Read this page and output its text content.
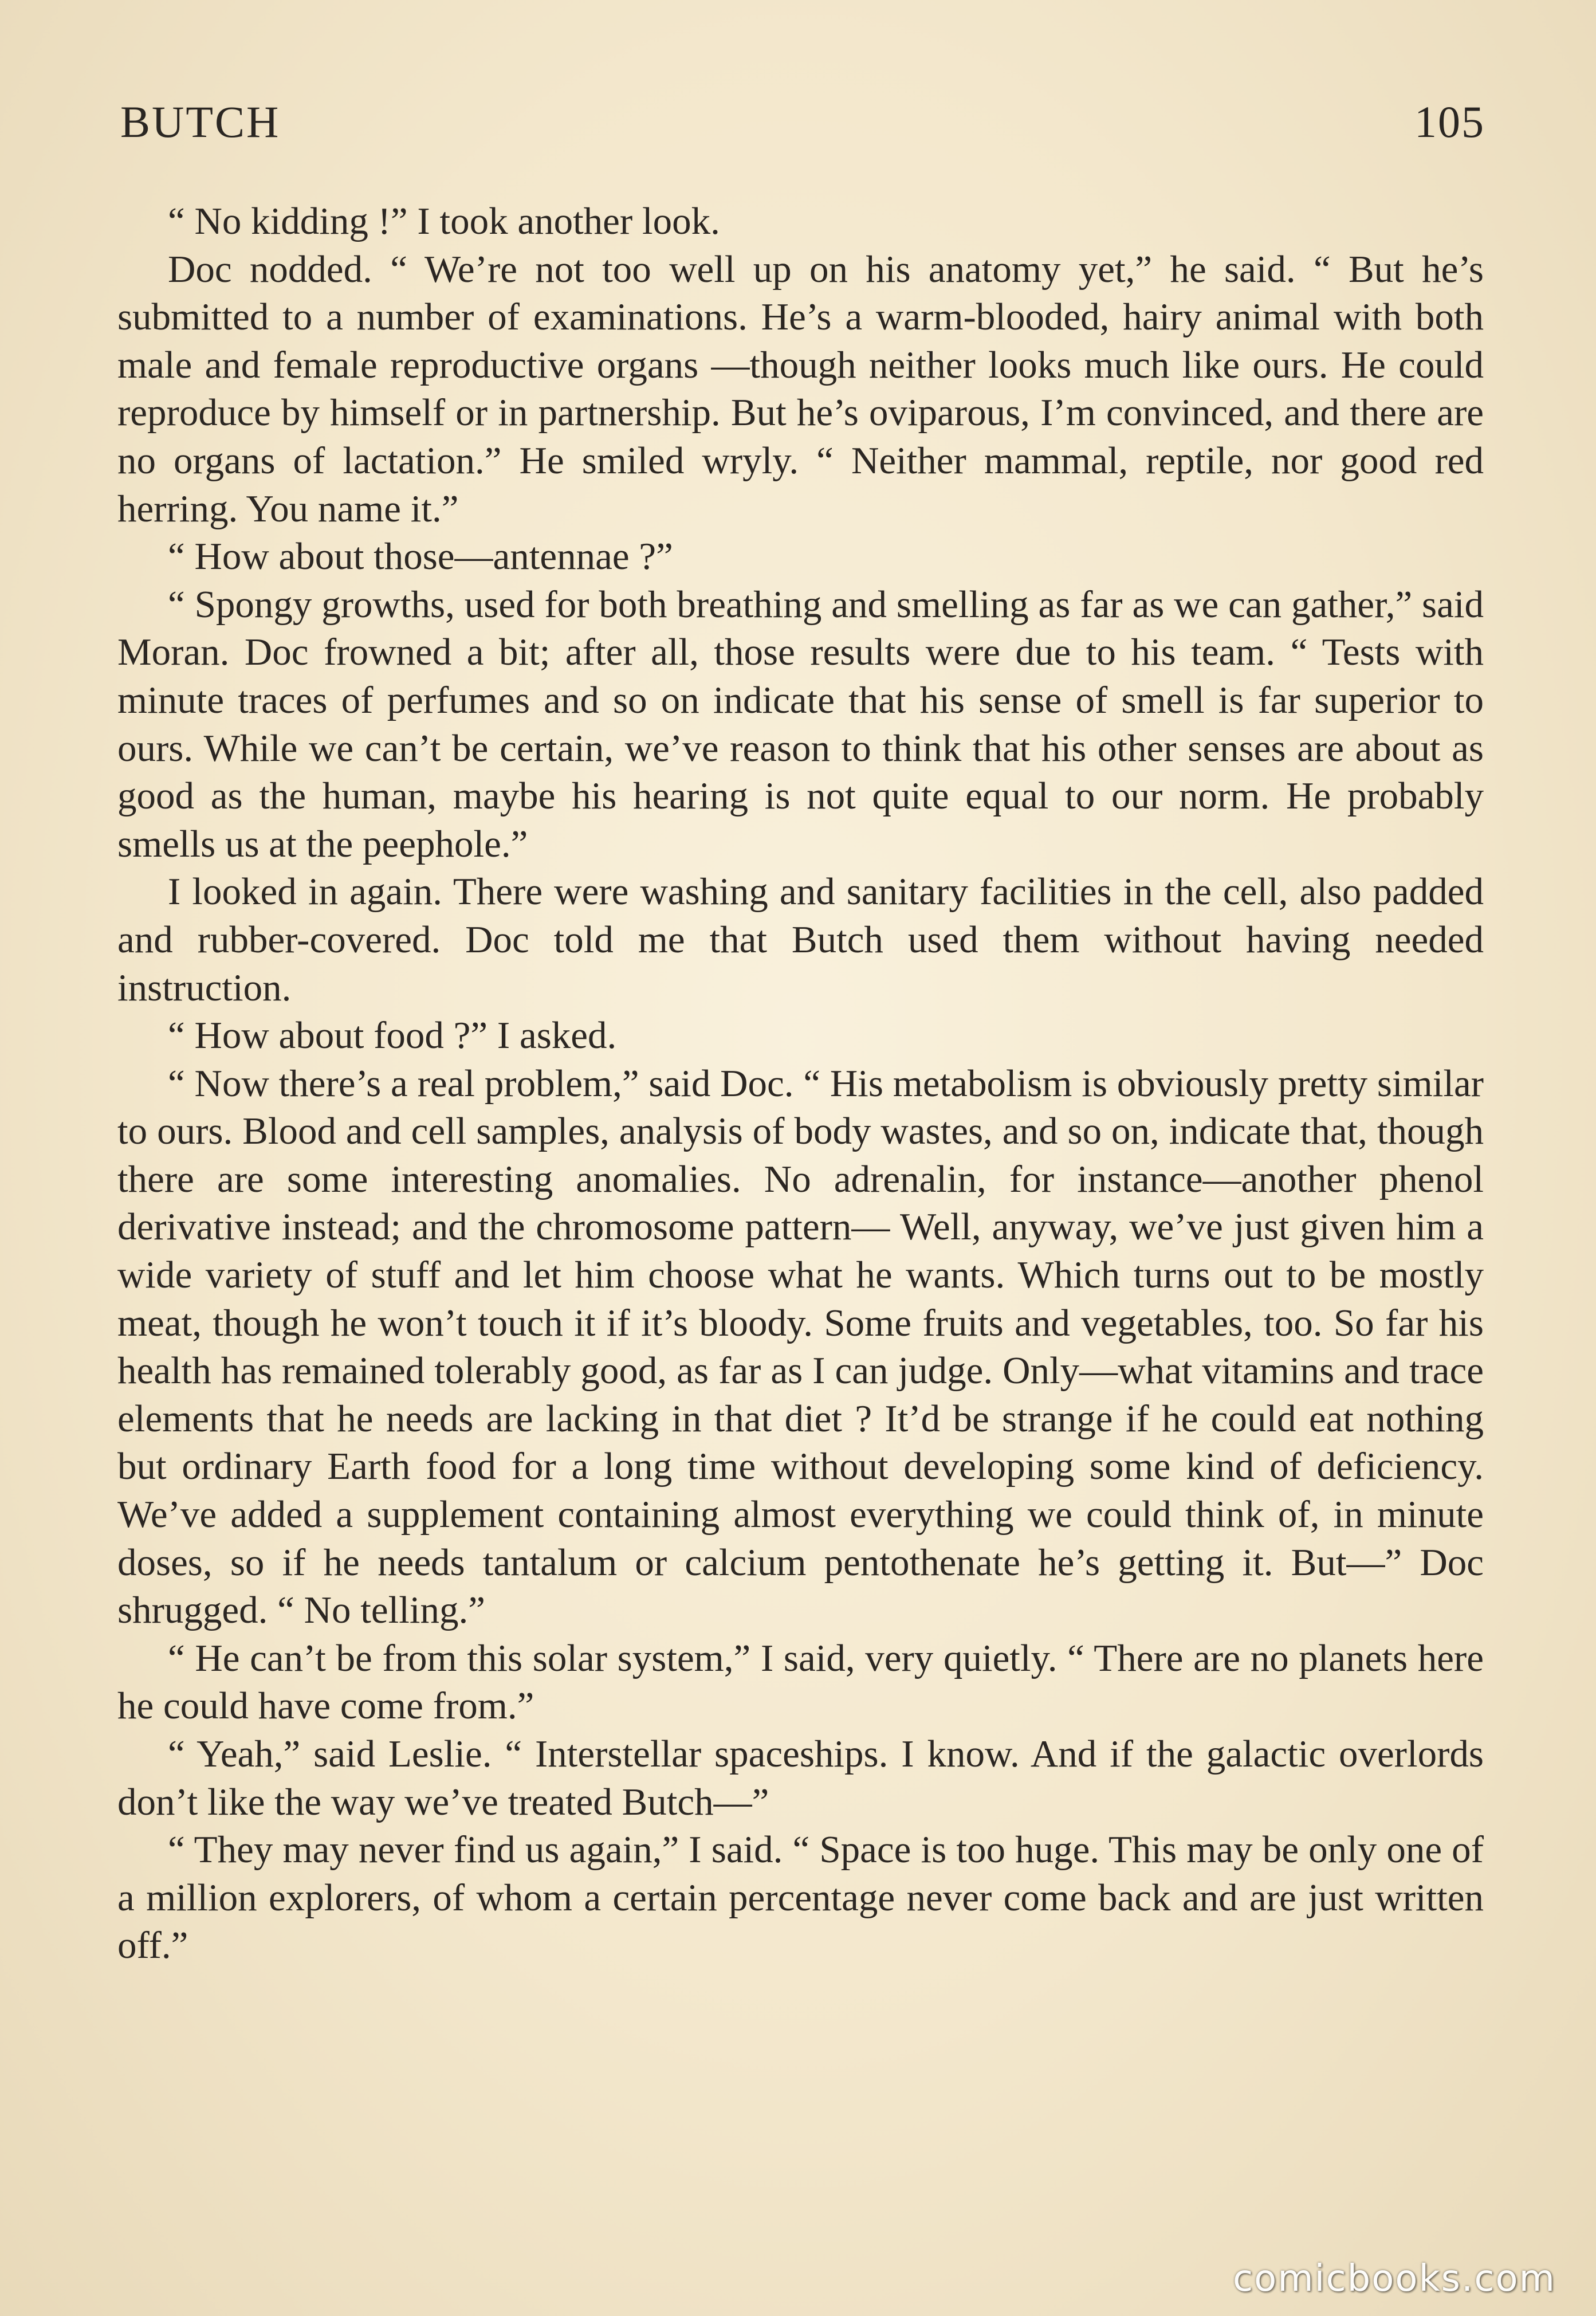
BUTCH	105

“ No kidding !” I took another look.

Doc nodded. “ We’re not too well up on his anatomy yet,” he said. “ But he’s submitted to a number of examinations. He’s a warm-blooded, hairy animal with both male and female reproductive organs —though neither looks much like ours. He could reproduce by himself or in partnership. But he’s oviparous, I’m convinced, and there are no organs of lactation.” He smiled wryly. “ Neither mammal, reptile, nor good red herring. You name it.”

“ How about those—antennae ?”

“ Spongy growths, used for both breathing and smelling as far as we can gather,” said Moran. Doc frowned a bit; after all, those results were due to his team. “ Tests with minute traces of perfumes and so on indicate that his sense of smell is far superior to ours. While we can’t be certain, we’ve reason to think that his other senses are about as good as the human, maybe his hearing is not quite equal to our norm. He probably smells us at the peephole.”

I looked in again. There were washing and sanitary facilities in the cell, also padded and rubber-covered. Doc told me that Butch used them without having needed instruction.

“ How about food ?” I asked.

“ Now there’s a real problem,” said Doc. “ His metabolism is obviously pretty similar to ours. Blood and cell samples, analysis of body wastes, and so on, indicate that, though there are some interesting anomalies. No adrenalin, for instance—another phenol derivative instead; and the chromosome pattern— Well, anyway, we’ve just given him a wide variety of stuff and let him choose what he wants. Which turns out to be mostly meat, though he won’t touch it if it’s bloody. Some fruits and vegetables, too. So far his health has remained tolerably good, as far as I can judge. Only—what vitamins and trace elements that he needs are lacking in that diet ? It’d be strange if he could eat nothing but ordinary Earth food for a long time without developing some kind of deficiency. We’ve added a supplement containing almost everything we could think of, in minute doses, so if he needs tantalum or calcium pentothenate he’s getting it. But—” Doc shrugged. “ No telling.”

“ He can’t be from this solar system,” I said, very quietly. “ There are no planets here he could have come from.”

“ Yeah,” said Leslie. “ Interstellar spaceships. I know. And if the galactic overlords don’t like the way we’ve treated Butch—”

“ They may never find us again,” I said. “ Space is too huge. This may be only one of a million explorers, of whom a certain percentage never come back and are just written off.”

comicbooks.com
